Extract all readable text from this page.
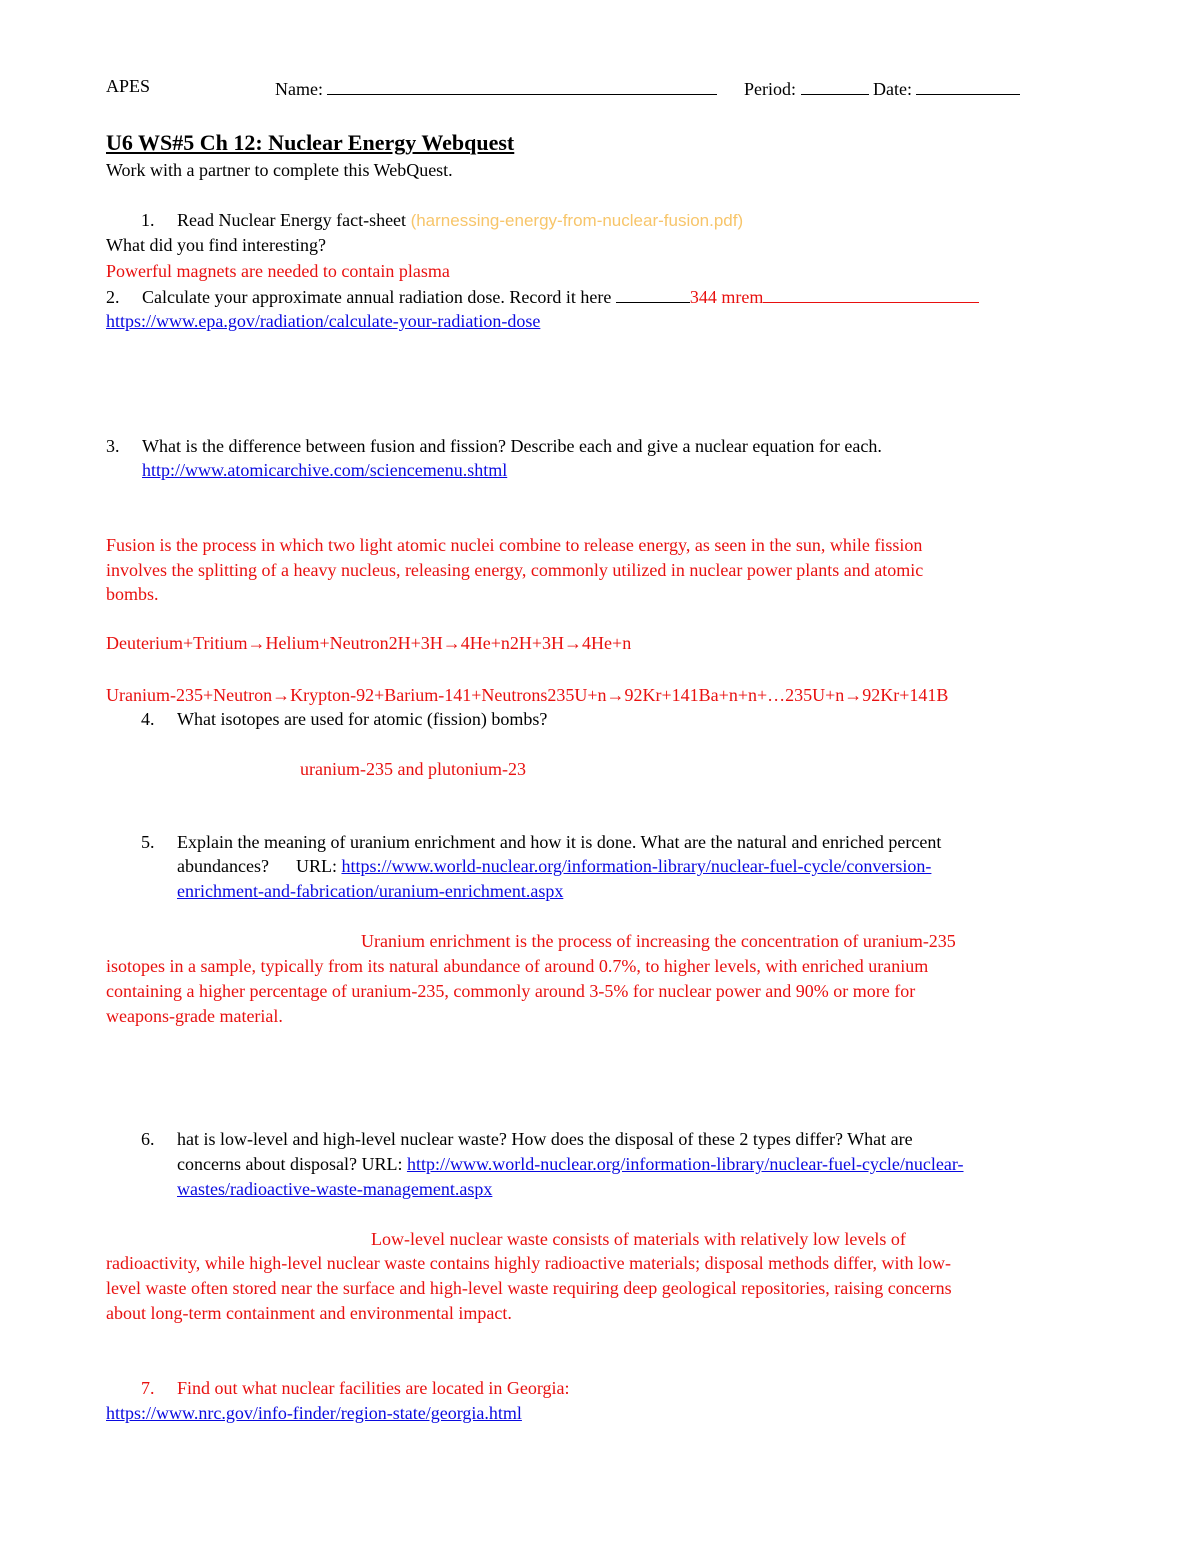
APES	Name:	Period:	Date:
U6 WS#5 Ch 12: Nuclear Energy Webquest
Work with a partner to complete this WebQuest.
1. Read Nuclear Energy fact-sheet (harnessing-energy-from-nuclear-fusion.pdf)
What did you find interesting?
Powerful magnets are needed to contain plasma
2. Calculate your approximate annual radiation dose. Record it here	344 mrem
https://www.epa.gov/radiation/calculate-your-radiation-dose
3. What is the difference between fusion and fission? Describe each and give a nuclear equation for each.
http://www.atomicarchive.com/sciencemenu.shtml
Fusion is the process in which two light atomic nuclei combine to release energy, as seen in the sun, while fission
involves the splitting of a heavy nucleus, releasing energy, commonly utilized in nuclear power plants and atomic
bombs.
Deuterium+Tritium→Helium+Neutron2H+3H→4He+n2H+3H→4He+n
Uranium-235+Neutron→Krypton-92+Barium-141+Neutrons235U+n→92Kr+141Ba+n+n+…235U+n→92Kr+141B
4. What isotopes are used for atomic (fission) bombs?
uranium-235 and plutonium-23
5. Explain the meaning of uranium enrichment and how it is done. What are the natural and enriched percent
abundances? URL: https://www.world-nuclear.org/information-library/nuclear-fuel-cycle/conversion-
enrichment-and-fabrication/uranium-enrichment.aspx
Uranium enrichment is the process of increasing the concentration of uranium-235
isotopes in a sample, typically from its natural abundance of around 0.7%, to higher levels, with enriched uranium
containing a higher percentage of uranium-235, commonly around 3-5% for nuclear power and 90% or more for
weapons-grade material.
6. hat is low-level and high-level nuclear waste? How does the disposal of these 2 types differ? What are
concerns about disposal? URL: http://www.world-nuclear.org/information-library/nuclear-fuel-cycle/nuclear-
wastes/radioactive-waste-management.aspx
Low-level nuclear waste consists of materials with relatively low levels of
radioactivity, while high-level nuclear waste contains highly radioactive materials; disposal methods differ, with low-
level waste often stored near the surface and high-level waste requiring deep geological repositories, raising concerns
about long-term containment and environmental impact.
7. Find out what nuclear facilities are located in Georgia:
https://www.nrc.gov/info-finder/region-state/georgia.html
